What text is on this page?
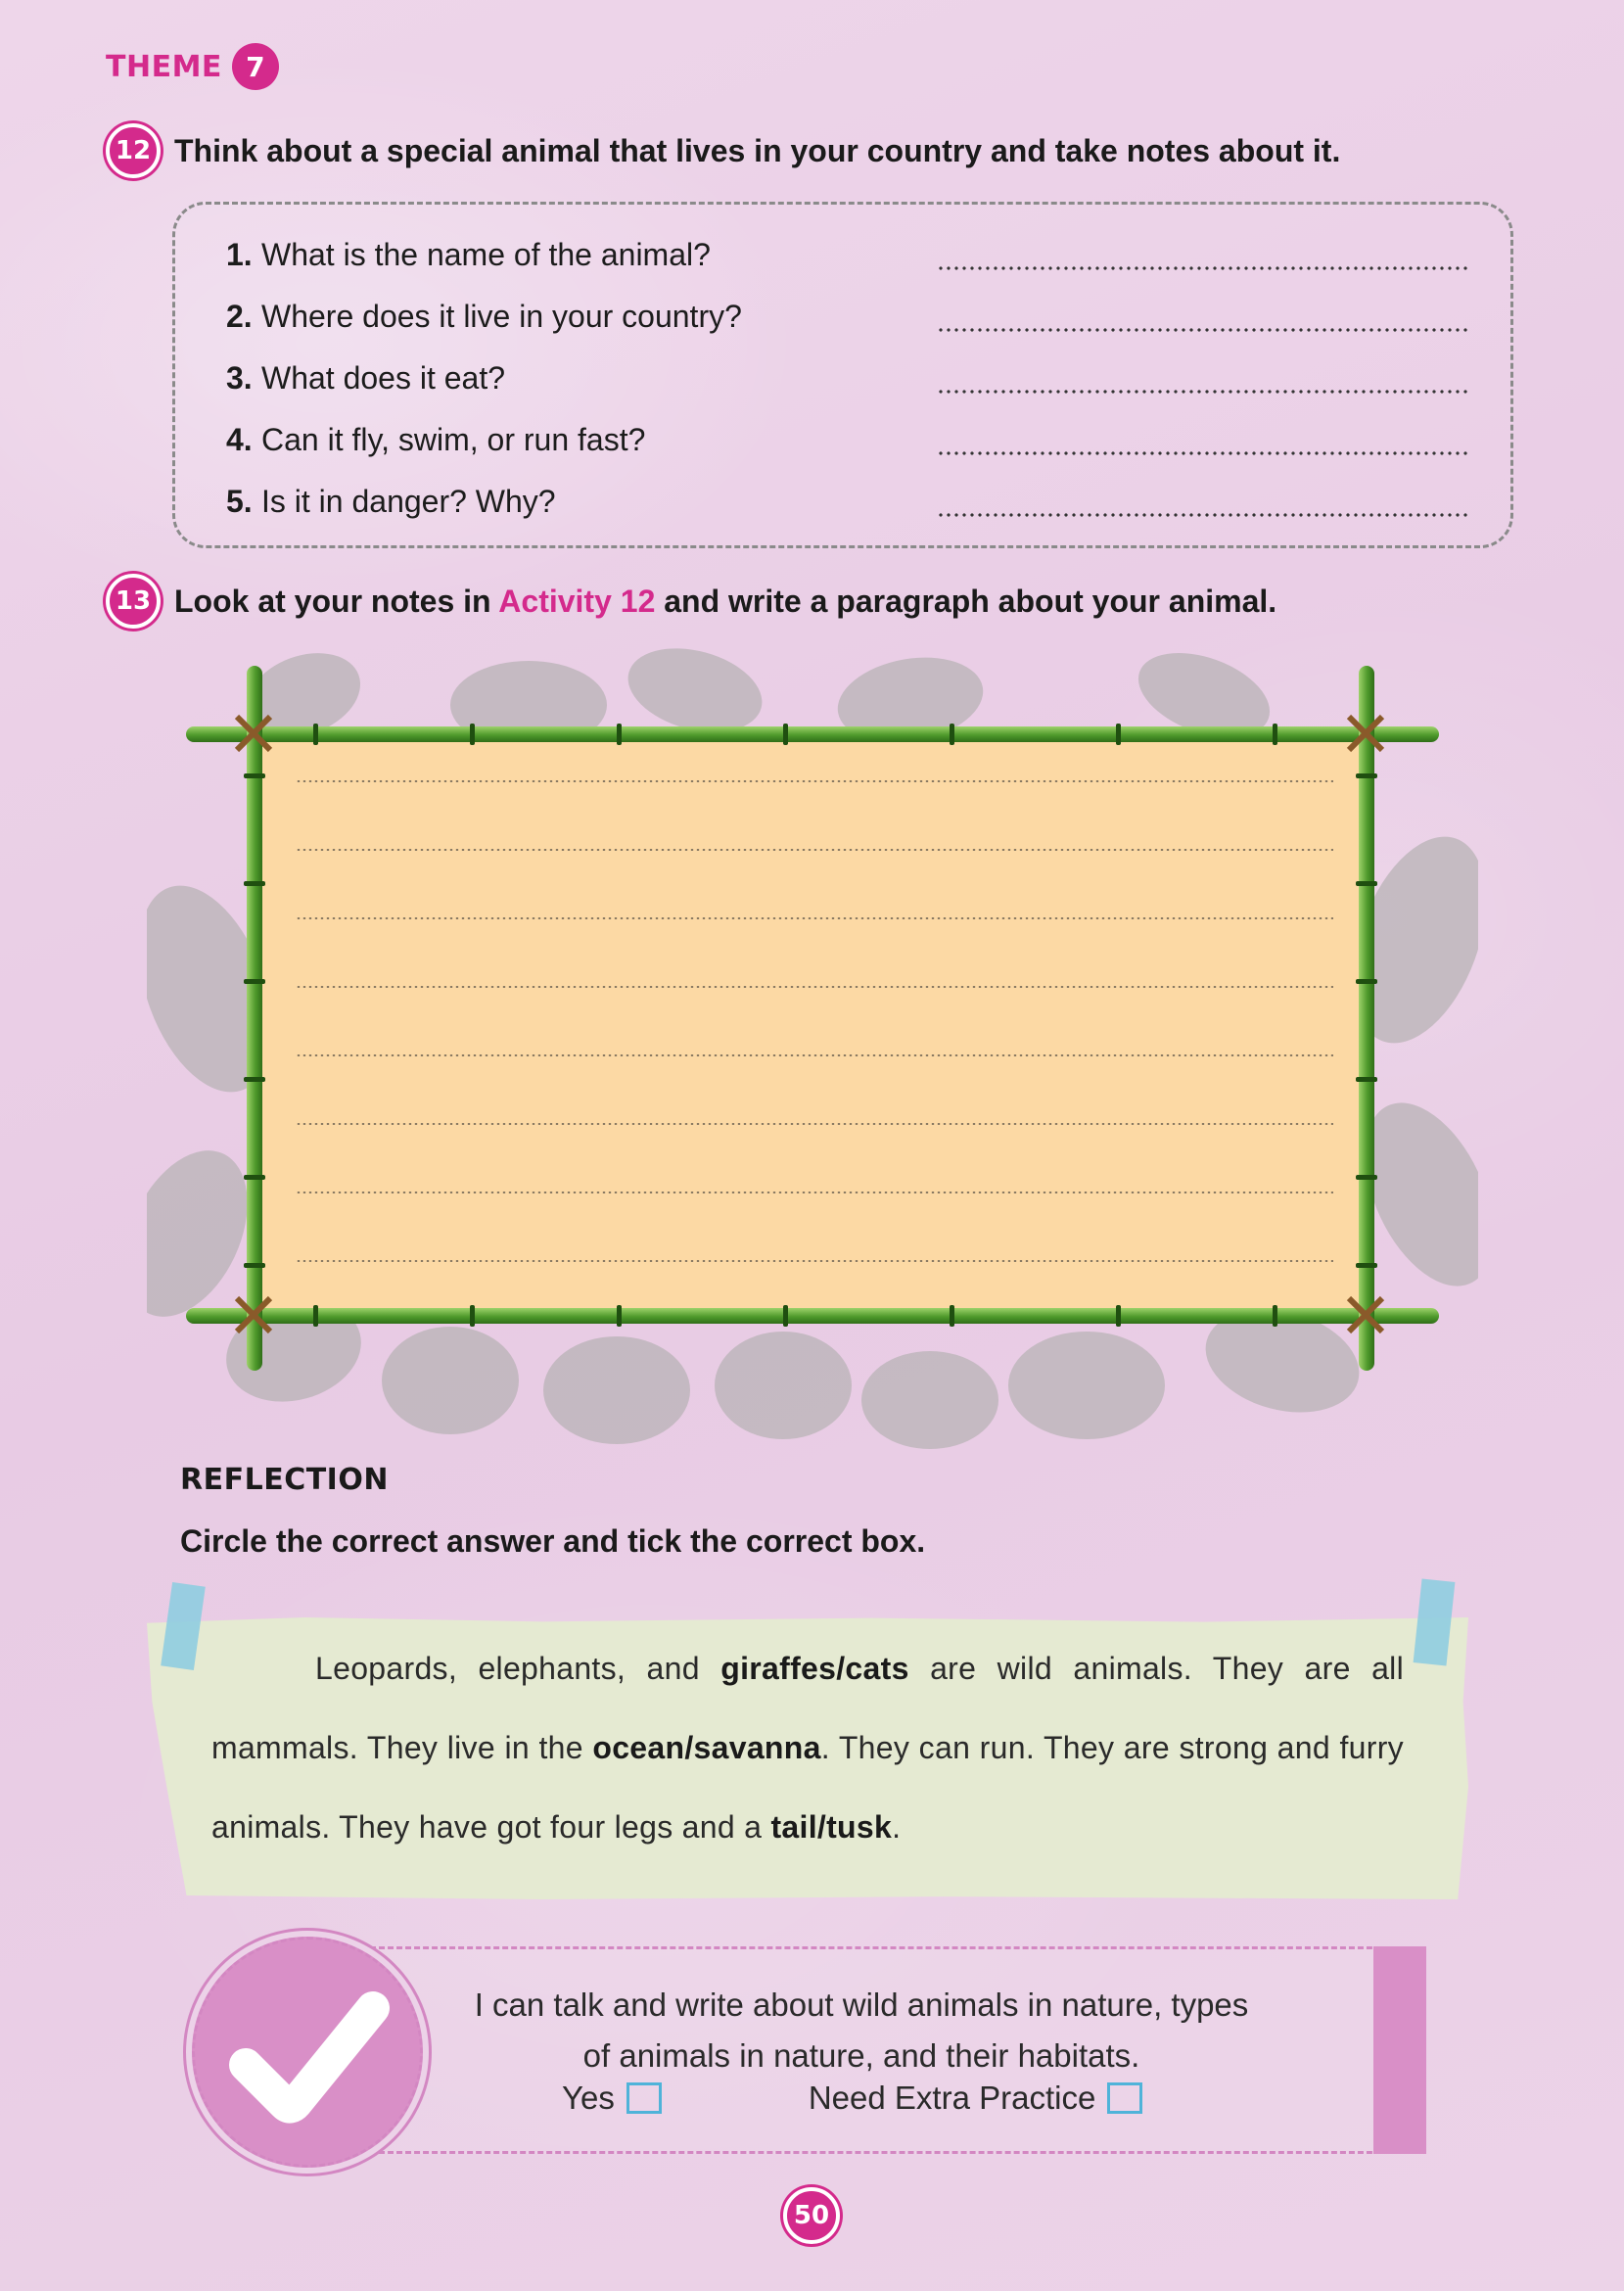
THEME 7
12 Think about a special animal that lives in your country and take notes about it.
1. What is the name of the animal?
2. Where does it live in your country?
3. What does it eat?
4. Can it fly, swim, or run fast?
5. Is it in danger? Why?
13 Look at your notes in Activity 12 and write a paragraph about your animal.
REFLECTION
Circle the correct answer and tick the correct box.
Leopards, elephants, and giraffes/cats are wild animals. They are all mammals. They live in the ocean/savanna. They can run. They are strong and furry animals. They have got four legs and a tail/tusk.
I can talk and write about wild animals in nature, types
of animals in nature, and their habitats.
Yes	Need Extra Practice
50
